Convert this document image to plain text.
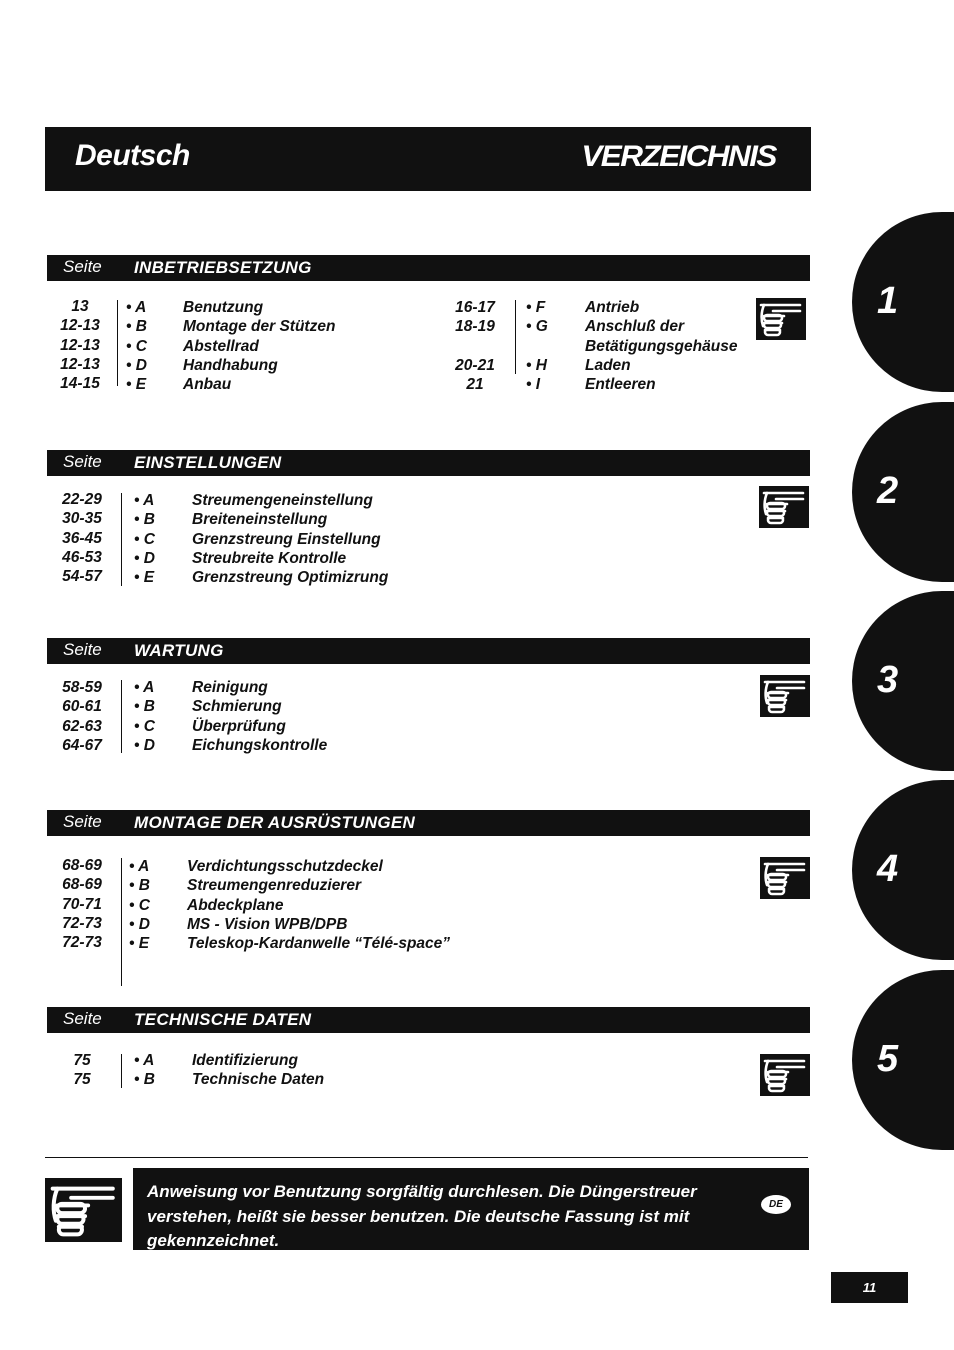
Deutsch	VERZEICHNIS
Seite INBETRIEBSETZUNG
13
12-13
12-13
12-13
14-15
• A
• B
• C
• D
• E
Benutzung
Montage der Stützen
Abstellrad
Handhabung
Anbau
16-17
18-19

20-21
21
• F
• G

• H
• I
Antrieb
Anschluß der
Betätigungsgehäuse
Laden
Entleeren
Seite EINSTELLUNGEN
22-29
30-35
36-45
46-53
54-57
• A
• B
• C
• D
• E
Streumengeneinstellung
Breiteneinstellung
Grenzstreung Einstellung
Streubreite Kontrolle
Grenzstreung Optimizrung
Seite WARTUNG
58-59
60-61
62-63
64-67
• A
• B
• C
• D
Reinigung
Schmierung
Überprüfung
Eichungskontrolle
Seite MONTAGE DER AUSRÜSTUNGEN
68-69
68-69
70-71
72-73
72-73
• A
• B
• C
• D
• E
Verdichtungsschutzdeckel
Streumengenreduzierer
Abdeckplane
MS - Vision WPB/DPB
Teleskop-Kardanwelle “Télé-space”
Seite TECHNISCHE DATEN
75
75
• A
• B
Identifizierung
Technische Daten
1
2
3
4
5
Anweisung vor Benutzung sorgfältig durchlesen. Die Düngerstreuer verstehen, heißt sie besser benutzen. Die deutsche Fassung ist mit gekennzeichnet.
DE
11
